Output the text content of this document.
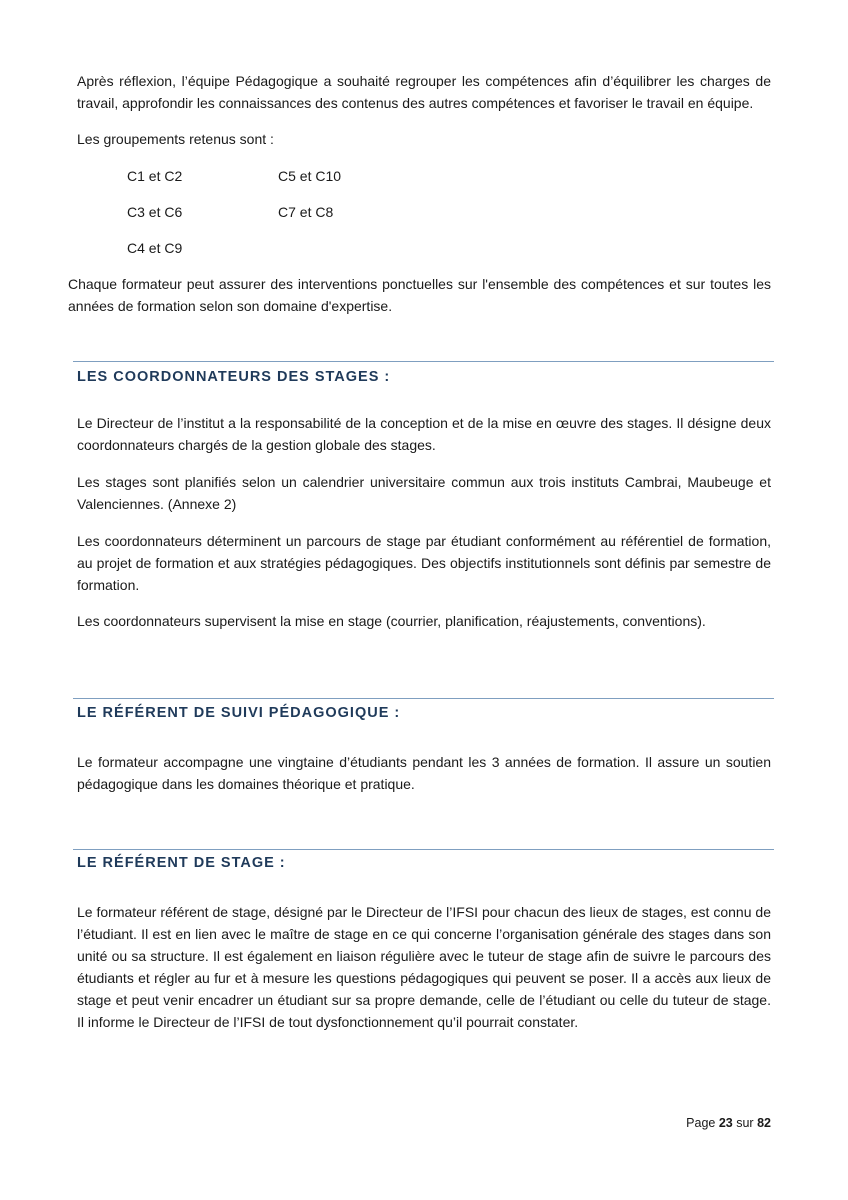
Après réflexion, l’équipe Pédagogique a souhaité regrouper les compétences afin d’équilibrer les charges de travail, approfondir les connaissances des contenus des autres compétences et favoriser le travail en équipe.

Les groupements retenus sont :

C1 et C2	C5 et C10
C3 et C6	C7 et C8
C4 et C9

Chaque formateur peut assurer des interventions ponctuelles sur l'ensemble des compétences et sur toutes les années de formation selon son domaine d'expertise.

LES COORDONNATEURS DES STAGES :

Le Directeur de l’institut a la responsabilité de la conception et de la mise en œuvre des stages. Il désigne deux coordonnateurs chargés de la gestion globale des stages.

Les stages sont planifiés selon un calendrier universitaire commun aux trois instituts Cambrai, Maubeuge et Valenciennes. (Annexe 2)

Les coordonnateurs déterminent un parcours de stage par étudiant conformément au référentiel de formation, au projet de formation et aux stratégies pédagogiques. Des objectifs institutionnels sont définis par semestre de formation.

Les coordonnateurs supervisent la mise en stage (courrier, planification, réajustements, conventions).

LE RÉFÉRENT DE SUIVI PÉDAGOGIQUE :

Le formateur accompagne une vingtaine d’étudiants pendant les 3 années de formation. Il assure un soutien pédagogique dans les domaines théorique et pratique.

LE RÉFÉRENT DE STAGE :

Le formateur référent de stage, désigné par le Directeur de l’IFSI pour chacun des lieux de stages, est connu de l’étudiant. Il est en lien avec le maître de stage en ce qui concerne l’organisation générale des stages dans son unité ou sa structure. Il est également en liaison régulière avec le tuteur de stage afin de suivre le parcours des étudiants et régler au fur et à mesure les questions pédagogiques qui peuvent se poser. Il a accès aux lieux de stage et peut venir encadrer un étudiant sur sa propre demande, celle de l’étudiant ou celle du tuteur de stage. Il informe le Directeur de l’IFSI de tout dysfonctionnement qu’il pourrait constater.

Page 23 sur 82
